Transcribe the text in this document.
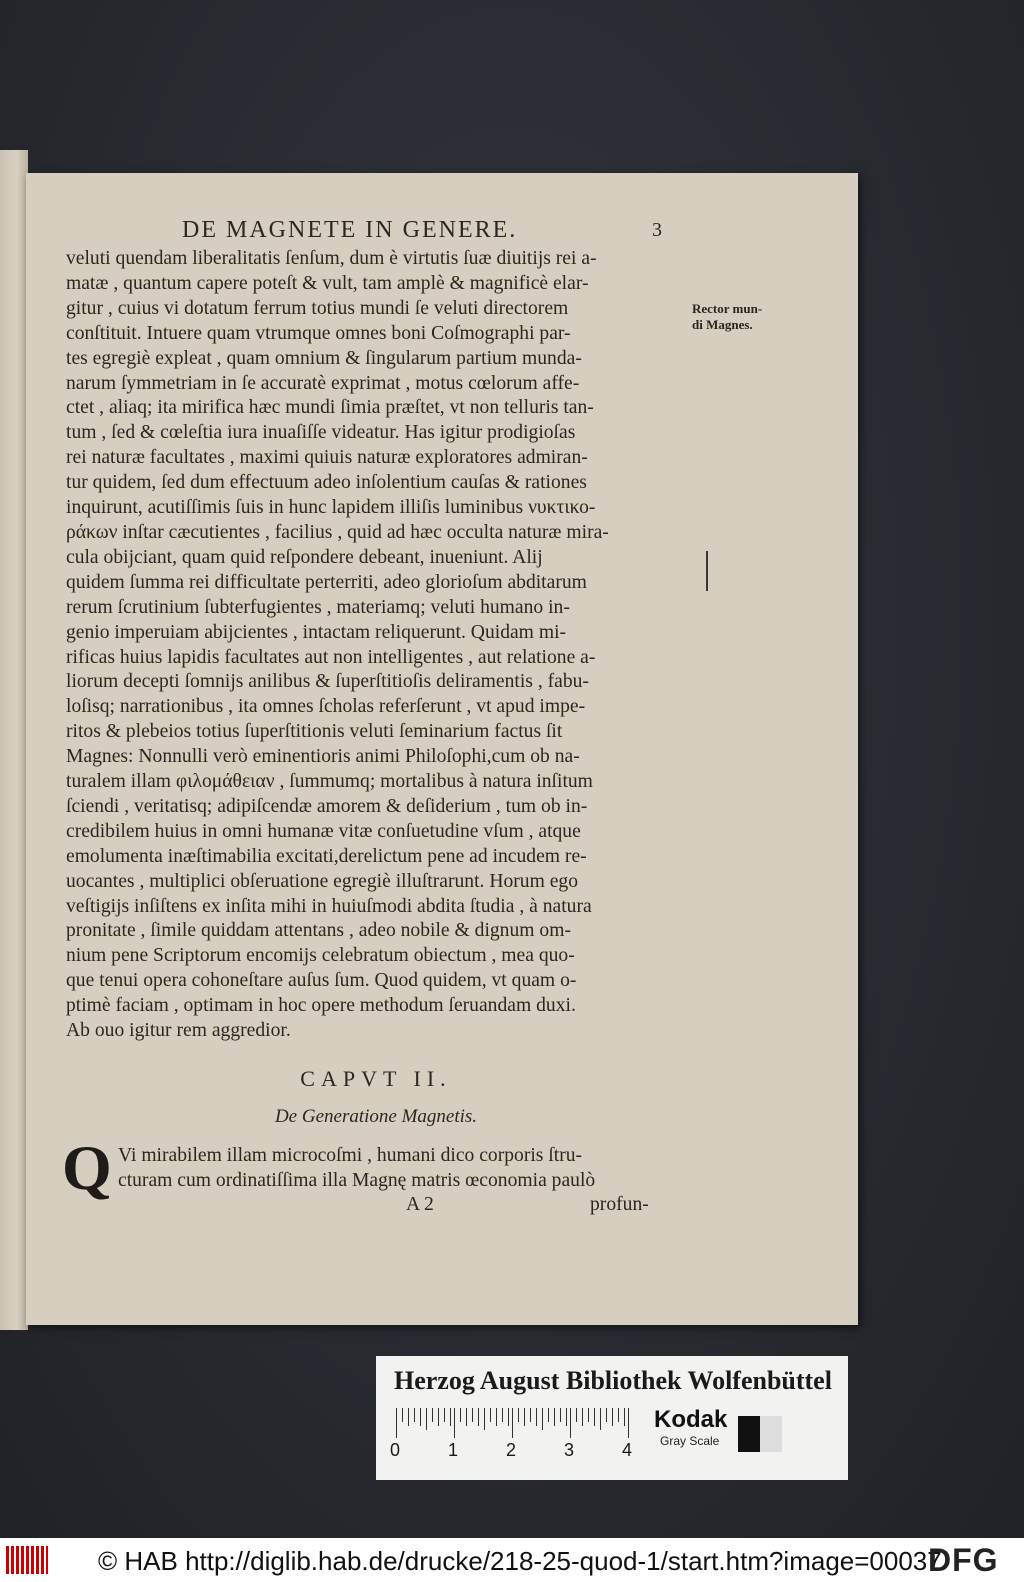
DE MAGNETE IN GENERE.	3
Rector mun-
di Magnes.
veluti quendam liberalitatis ſenſum, dum è virtutis ſuæ diuitijs rei a-
matæ , quantum capere poteſt & vult, tam amplè & magnificè elar-
gitur , cuius vi dotatum ferrum totius mundi ſe veluti directorem
conſtituit. Intuere quam vtrumque omnes boni Coſmographi par-
tes egregiè expleat , quam omnium & ſingularum partium munda-
narum ſymmetriam in ſe accuratè exprimat , motus cœlorum affe-
ctet , aliaq; ita mirifica hæc mundi ſimia præſtet, vt non telluris tan-
tum , ſed & cœleſtia iura inuaſiſſe videatur. Has igitur prodigioſas
rei naturæ facultates , maximi quiuis naturæ exploratores admiran-
tur quidem, ſed dum effectuum adeo inſolentium cauſas & rationes
inquirunt, acutiſſimis ſuis in hunc lapidem illiſis luminibus νυκτικο-
ράκων inſtar cæcutientes , facilius , quid ad hæc occulta naturæ mira-
cula obijciant, quam quid reſpondere debeant, inueniunt. Alij
quidem ſumma rei difficultate perterriti, adeo glorioſum abditarum
rerum ſcrutinium ſubterfugientes , materiamq; veluti humano in-
genio imperuiam abijcientes , intactam reliquerunt. Quidam mi-
rificas huius lapidis facultates aut non intelligentes , aut relatione a-
liorum decepti ſomnijs anilibus & ſuperſtitioſis deliramentis , fabu-
loſisq; narrationibus , ita omnes ſcholas referſerunt , vt apud impe-
ritos & plebeios totius ſuperſtitionis veluti ſeminarium factus ſit
Magnes: Nonnulli verò eminentioris animi Philoſophi,cum ob na-
turalem illam φιλομάθειαν , ſummumq; mortalibus à natura inſitum
ſciendi , veritatisq; adipiſcendæ amorem & deſiderium , tum ob in-
credibilem huius in omni humanæ vitæ conſuetudine vſum , atque
emolumenta inæſtimabilia excitati,derelictum pene ad incudem re-
uocantes , multiplici obſeruatione egregiè illuſtrarunt. Horum ego
veſtigijs inſiſtens ex inſita mihi in huiuſmodi abdita ſtudia , à natura
pronitate , ſimile quiddam attentans , adeo nobile & dignum om-
nium pene Scriptorum encomijs celebratum obiectum , mea quo-
que tenui opera cohoneſtare auſus ſum. Quod quidem, vt quam o-
ptimè faciam , optimam in hoc opere methodum ſeruandam duxi.
Ab ouo igitur rem aggredior.
CAPVT II.
De Generatione Magnetis.
Q Vi mirabilem illam microcoſmi , humani dico corporis ſtru-
cturam cum ordinatiſſima illa Magnę matris œconomia paulò
A 2	profun-
Herzog August Bibliothek Wolfenbüttel
0	1	2	3	4
Kodak
Gray Scale
© HAB http://diglib.hab.de/drucke/218-25-quod-1/start.htm?image=00037
DFG
